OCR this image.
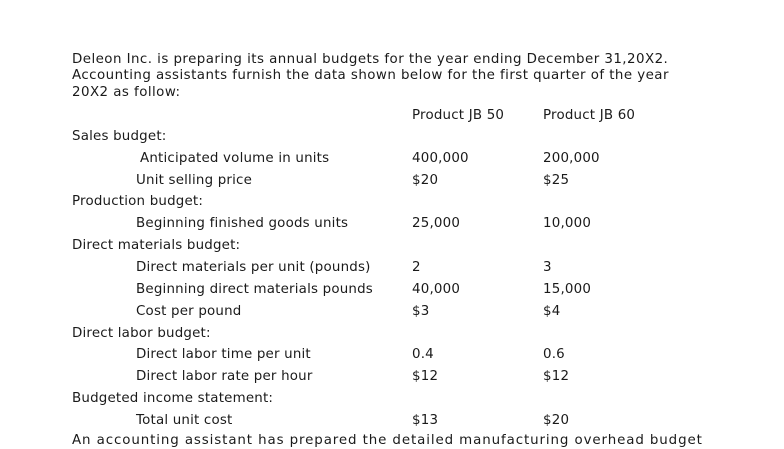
Deleon Inc. is preparing its annual budgets for the year ending December 31,20X2.
Accounting assistants furnish the data shown below for the first quarter of the year
20X2 as follow:
Product JB 50	Product JB 60
Sales budget:
Anticipated volume in units	400,000	200,000
Unit selling price	$20	$25
Production budget:
Beginning finished goods units	25,000	10,000
Direct materials budget:
Direct materials per unit (pounds)	2	3
Beginning direct materials pounds	40,000	15,000
Cost per pound	$3	$4
Direct labor budget:
Direct labor time per unit	0.4	0.6
Direct labor rate per hour	$12	$12
Budgeted income statement:
Total unit cost	$13	$20
An accounting assistant has prepared the detailed manufacturing overhead budget
